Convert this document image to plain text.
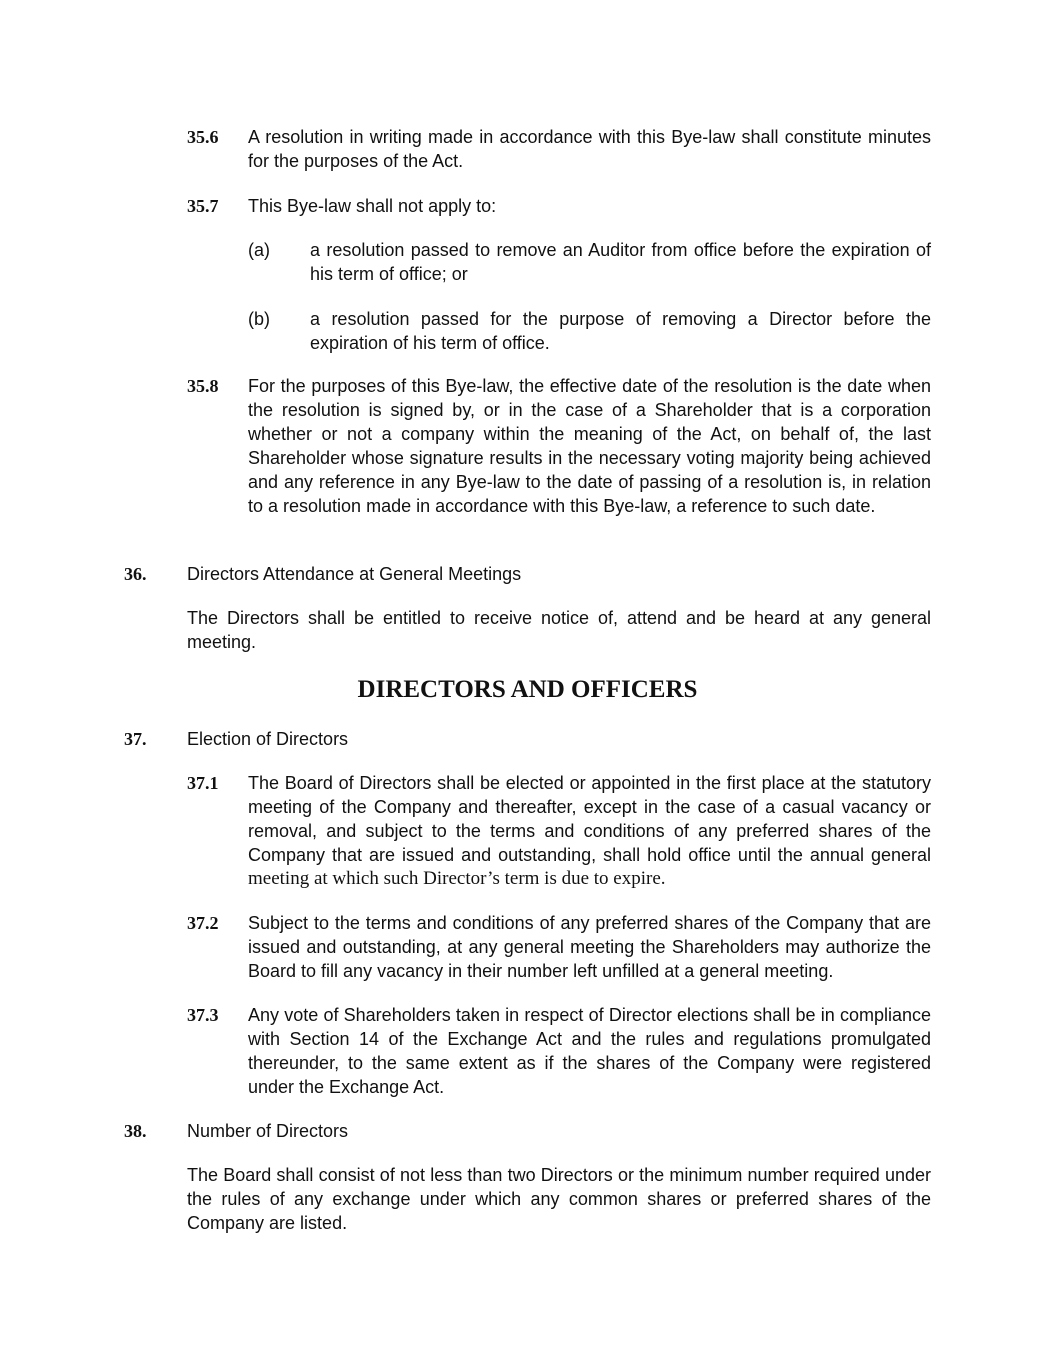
35.6	A resolution in writing made in accordance with this Bye-law shall constitute minutes for the purposes of the Act.
35.7	This Bye-law shall not apply to:
(a)	a resolution passed to remove an Auditor from office before the expiration of his term of office; or
(b)	a resolution passed for the purpose of removing a Director before the expiration of his term of office.
35.8	For the purposes of this Bye-law, the effective date of the resolution is the date when the resolution is signed by, or in the case of a Shareholder that is a corporation whether or not a company within the meaning of the Act, on behalf of, the last Shareholder whose signature results in the necessary voting majority being achieved and any reference in any Bye-law to the date of passing of a resolution is, in relation to a resolution made in accordance with this Bye-law, a reference to such date.
36.	Directors Attendance at General Meetings
The Directors shall be entitled to receive notice of, attend and be heard at any general meeting.
DIRECTORS AND OFFICERS
37.	Election of Directors
37.1	The Board of Directors shall be elected or appointed in the first place at the statutory meeting of the Company and thereafter, except in the case of a casual vacancy or removal, and subject to the terms and conditions of any preferred shares of the Company that are issued and outstanding, shall hold office until the annual general
meeting at which such Director’s term is due to expire.
37.2	Subject to the terms and conditions of any preferred shares of the Company that are issued and outstanding, at any general meeting the Shareholders may authorize the Board to fill any vacancy in their number left unfilled at a general meeting.
37.3	Any vote of Shareholders taken in respect of Director elections shall be in compliance with Section 14 of the Exchange Act and the rules and regulations promulgated thereunder, to the same extent as if the shares of the Company were registered under the Exchange Act.
38.	Number of Directors
The Board shall consist of not less than two Directors or the minimum number required under the rules of any exchange under which any common shares or preferred shares of the Company are listed.
